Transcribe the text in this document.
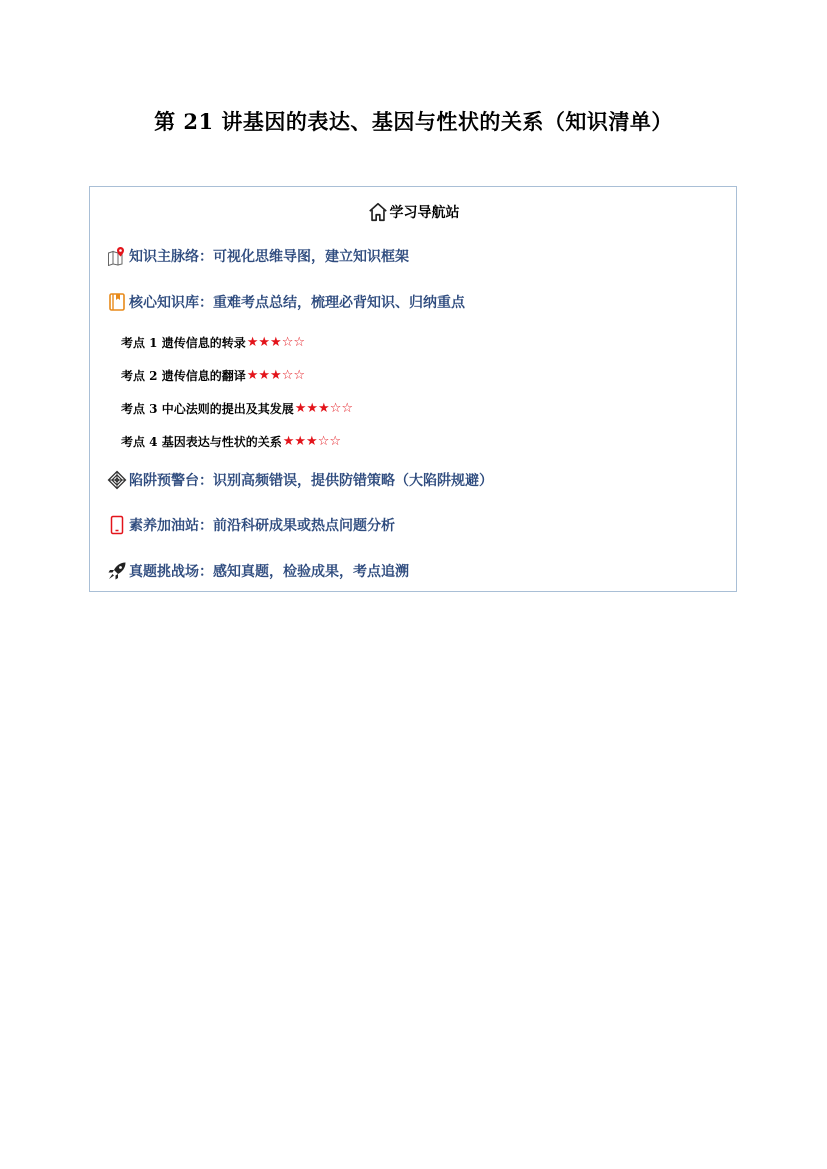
第 21 讲基因的表达、基因与性状的关系（知识清单）
学习导航站
知识主脉络： 可视化思维导图，建立知识框架
核心知识库： 重难考点总结，梳理必背知识、归纳重点
考点 1 遗传信息的转录 ★★★☆☆
考点 2 遗传信息的翻译 ★★★☆☆
考点 3 中心法则的提出及其发展 ★★★☆☆
考点 4 基因表达与性状的关系 ★★★☆☆
陷阱预警台： 识别高频错误，提供防错策略（大陷阱规避）
素养加油站： 前沿科研成果或热点问题分析
真题挑战场： 感知真题，检验成果，考点追溯
